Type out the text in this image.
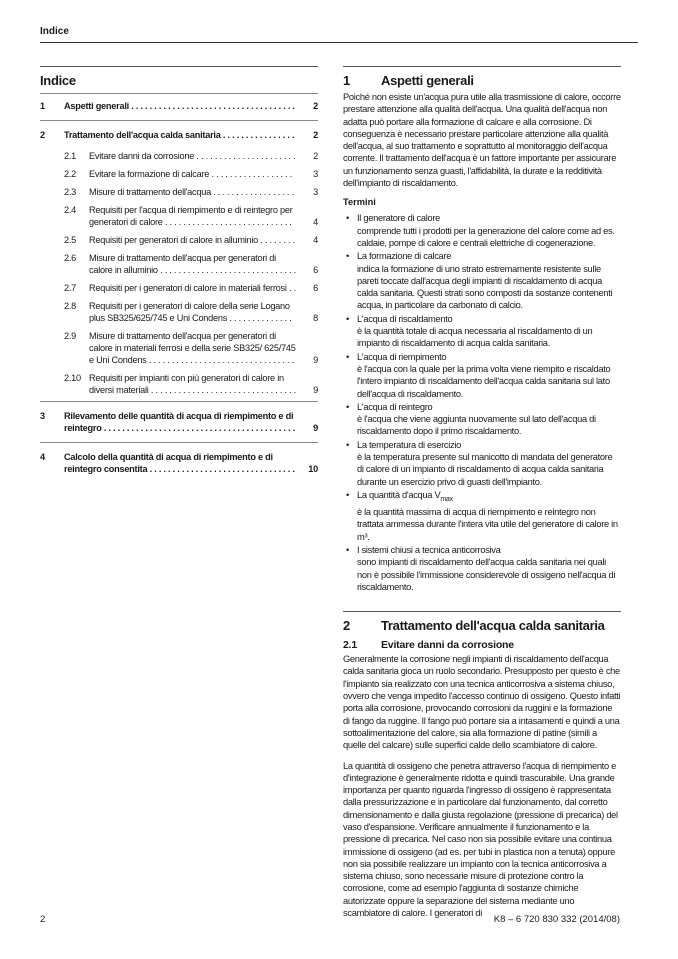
Indice
Indice
1	Aspetti generali . . .	2
2	Trattamento dell'acqua calda sanitaria . . .	2
2.1	Evitare danni da corrosione . . .	2
2.2	Evitare la formazione di calcare . . .	3
2.3	Misure di trattamento dell'acqua . . .	3
2.4	Requisiti per l'acqua di riempimento e di reintegro per generatori di calore . . .	4
2.5	Requisiti per generatori di calore in alluminio . . .	4
2.6	Misure di trattamento dell'acqua per generatori di calore in alluminio . . .	6
2.7	Requisiti per i generatori di calore in materiali ferrosi . . .	6
2.8	Requisiti per i generatori di calore della serie Logano plus SB325/625/745 e Uni Condens . . .	8
2.9	Misure di trattamento dell'acqua per generatori di calore in materiali ferrosi e della serie SB325/ 625/745 e Uni Condens . . .	9
2.10 Requisiti per impianti con più generatori di calore in diversi materiali . . .	9
3	Rilevamento delle quantità di acqua di riempimento e di reintegro . . .	9
4	Calcolo della quantità di acqua di riempimento e di reintegro consentita . . .	10
1	Aspetti generali

Poiché non esiste un'acqua pura utile alla trasmissione di calore, occorre prestare attenzione alla qualità dell'acqua. Una qualità dell'acqua non adatta può portare alla formazione di calcare e alla corrosione. Di conseguenza è necessario prestare particolare attenzione alla qualità dell'acqua, al suo trattamento e soprattutto al monitoraggio dell'acqua corrente. Il trattamento dell'acqua è un fattore importante per assicurare un funzionamento senza guasti, l'affidabilità, la durate e la redditività dell'impianto di riscaldamento.

Termini
• Il generatore di calore
comprende tutti i prodotti per la generazione del calore come ad es. caldaie, pompe di calore e centrali elettriche di cogenerazione.
• La formazione di calcare
indica la formazione di uno strato estremamente resistente sulle pareti toccate dall'acqua degli impianti di riscaldamento di acqua calda sanitaria. Questi strati sono composti da sostanze contenenti acqua, in particolare da carbonato di calcio.
• L'acqua di riscaldamento
è la quantità totale di acqua necessaria al riscaldamento di un impianto di riscaldamento di acqua calda sanitaria.
• L'acqua di riempimento
è l'acqua con la quale per la prima volta viene riempito e riscaldato l'intero impianto di riscaldamento dell'acqua calda sanitaria sul lato dell'acqua di riscaldamento.
• L'acqua di reintegro
è l'acqua che viene aggiunta nuovamente sul lato dell'acqua di riscaldamento dopo il primo riscaldamento.
• La temperatura di esercizio
è la temperatura presente sul manicotto di mandata del generatore di calore di un impianto di riscaldamento di acqua calda sanitaria durante un esercizio privo di guasti dell'impianto.
• La quantità d'acqua $V_{max}$
è la quantità massima di acqua di riempimento e reintegro non trattata ammessa durante l'intera vita utile del generatore di calore in m³.
• I sistemi chiusi a tecnica anticorrosiva
sono impianti di riscaldamento dell'acqua calda sanitaria nei quali non è possibile l'immissione considerevole di ossigeno nell'acqua di riscaldamento.
2	Trattamento dell'acqua calda sanitaria
2.1	Evitare danni da corrosione

Generalmente la corrosione negli impianti di riscaldamento dell'acqua calda sanitaria gioca un ruolo secondario. Presupposto per questo è che l'impianto sia realizzato con una tecnica anticorrosiva a sistema chiuso, ovvero che venga impedito l'accesso continuo di ossigeno. Questo infatti porta alla corrosione, provocando corrosioni da ruggini e la formazione di fango da ruggine. Il fango può portare sia a intasamenti e quindi a una sottoalimentazione del calore, sia alla formazione di patine (simili a quelle del calcare) sulle superfici calde dello scambiatore di calore.

La quantità di ossigeno che penetra attraverso l'acqua di riempimento e d'integrazione è generalmente ridotta e quindi trascurabile. Una grande importanza per quanto riguarda l'ingresso di ossigeno è rappresentata dalla pressurizzazione e in particolare dal funzionamento, dal corretto dimensionamento e dalla giusta regolazione (pressione di precarica) del vaso d'espansione. Verificare annualmente il funzionamento e la pressione di precarica. Nel caso non sia possibile evitare una continua immissione di ossigeno (ad es. per tubi in plastica non a tenuta) oppure non sia possibile realizzare un impianto con la tecnica anticorrosiva a sistema chiuso, sono necessarie misure di protezione contro la corrosione, come ad esempio l'aggiunta di sostanze chimiche autorizzate oppure la separazione del sistema mediante uno scambiatore di calore. I generatori di

2	K8 – 6 720 830 332 (2014/08)
